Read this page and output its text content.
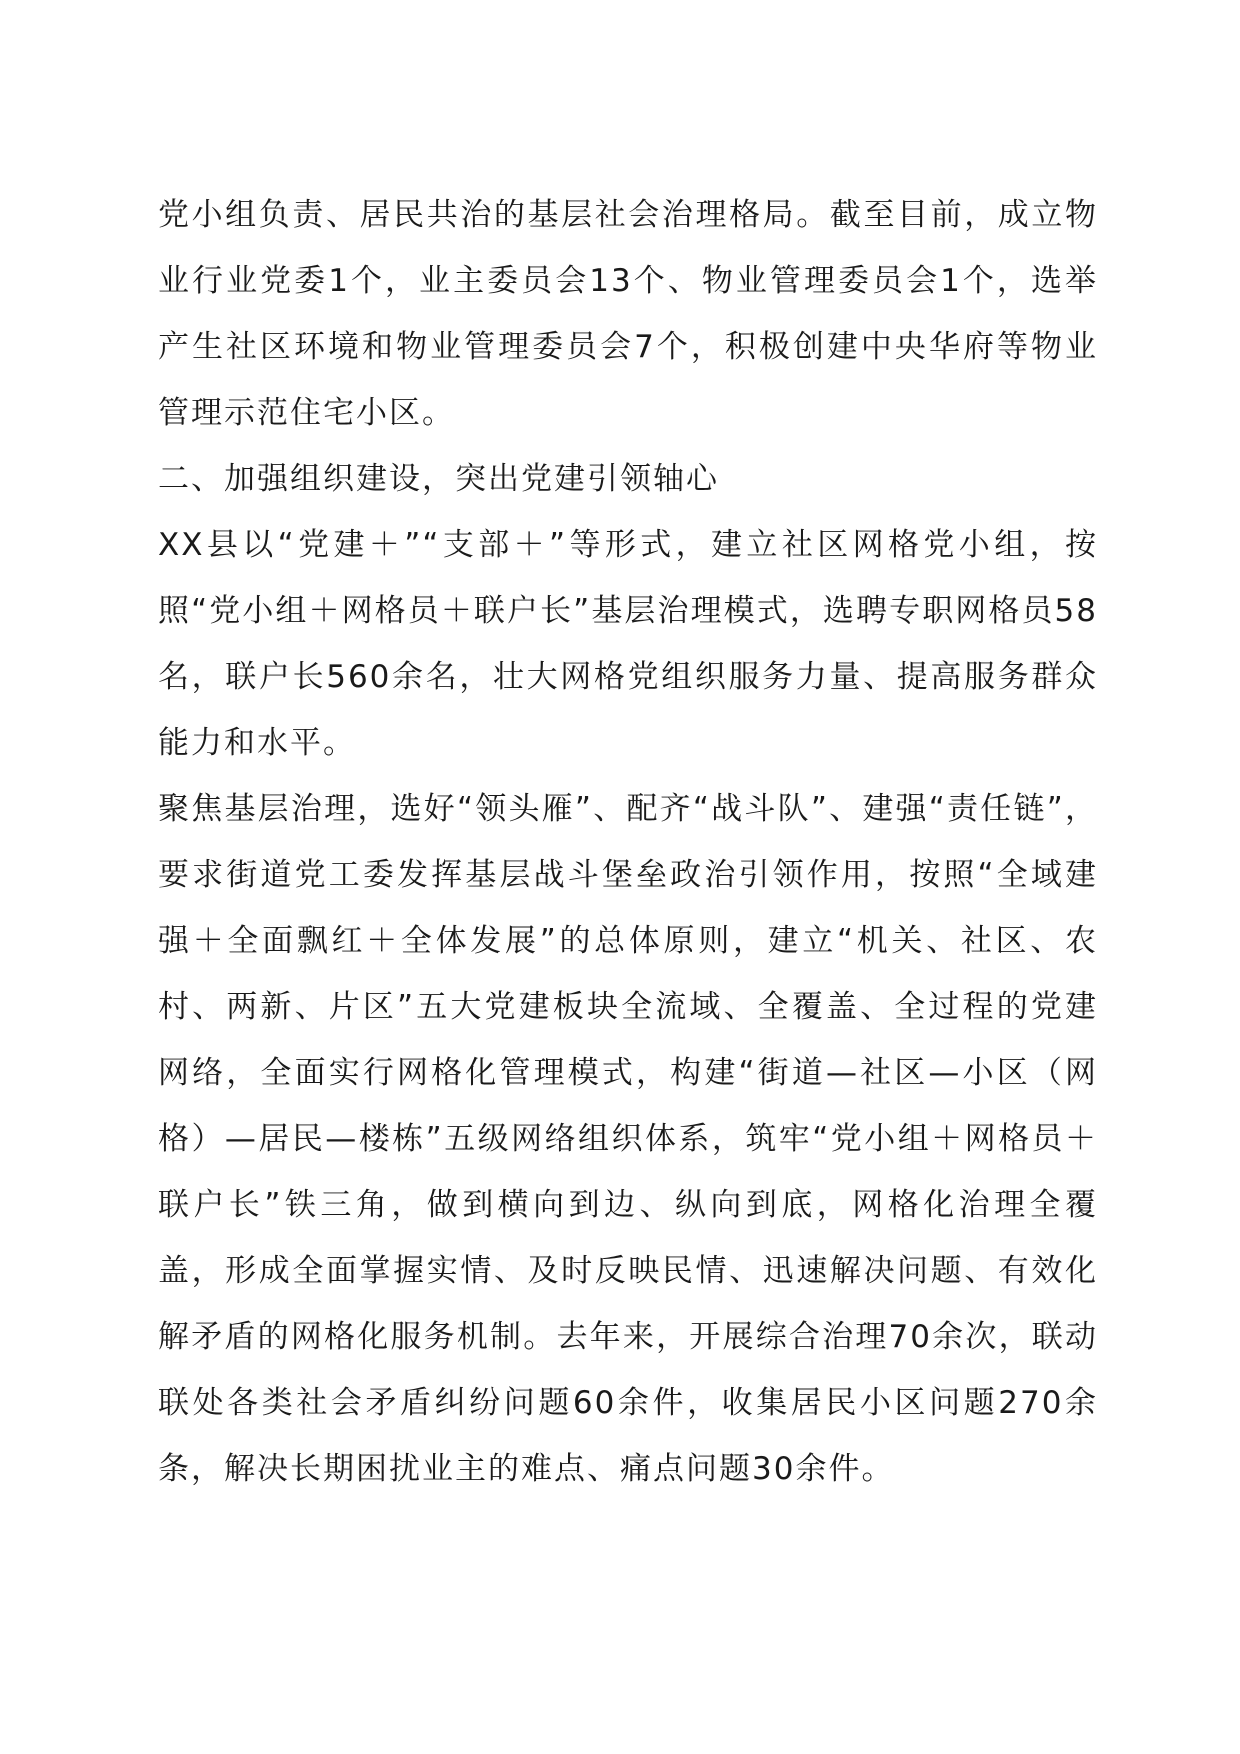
党小组负责、居民共治的基层社会治理格局。截至目前，成立物业行业党委1个，业主委员会13个、物业管理委员会1个，选举产生社区环境和物业管理委员会7个，积极创建中央华府等物业管理示范住宅小区。

二、加强组织建设，突出党建引领轴心

XX县以“党建＋”“支部＋”等形式，建立社区网格党小组，按照“党小组＋网格员＋联户长”基层治理模式，选聘专职网格员58名，联户长560余名，壮大网格党组织服务力量、提高服务群众能力和水平。

聚焦基层治理，选好“领头雁”、配齐“战斗队”、建强“责任链”，要求街道党工委发挥基层战斗堡垒政治引领作用，按照“全域建强＋全面飘红＋全体发展”的总体原则，建立“机关、社区、农村、两新、片区”五大党建板块全流域、全覆盖、全过程的党建网络，全面实行网格化管理模式，构建“街道—社区—小区（网格）—居民—楼栋”五级网络组织体系，筑牢“党小组＋网格员＋联户长”铁三角，做到横向到边、纵向到底，网格化治理全覆盖，形成全面掌握实情、及时反映民情、迅速解决问题、有效化解矛盾的网格化服务机制。去年来，开展综合治理70余次，联动联处各类社会矛盾纠纷问题60余件，收集居民小区问题270余条，解决长期困扰业主的难点、痛点问题30余件。
